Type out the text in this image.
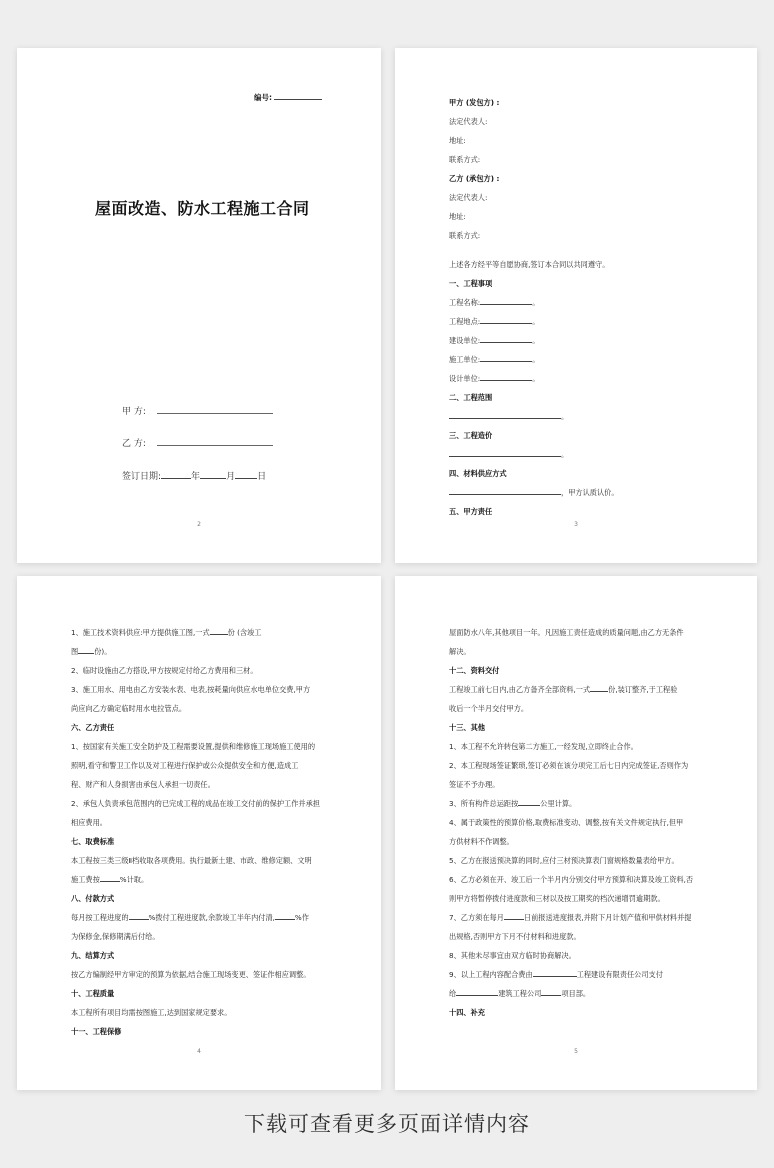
编号:
屋面改造、防水工程施工合同
甲 方:
乙 方:
签订日期:	年	月 日
2
甲方 (发包方) :
法定代表人:
地址:
联系方式:
乙方 (承包方) :
法定代表人:
地址:
联系方式:
上述各方经平等自愿协商,签订本合同以共同遵守。
一、工程事项
工程名称:	。
工程地点:	。
建设单位:	。
施工单位:	。
设计单位:	。
二、工程范围
。
三、工程造价
。
四、材料供应方式
，甲方认质认价。
五、甲方责任
3
1、施工技术资料供应:甲方提供施工图,一式	份 (含竣工
图 份)。
2、临时设施由乙方搭设,甲方按规定付给乙方费用和三材。
3、施工用水、用电由乙方安装水表、电表,按耗量向供应水电单位交费,甲方
尚应向乙方确定临时用水电拉管点。
六、乙方责任
1、按国家有关施工安全防护及工程需要设置,提供和维修施工现场施工使用的
照明,看守和警卫工作以及对工程进行保护或公众提供安全和方便,造成工
程、财产和人身损害由承包人承担一切责任。
2、承包人负责承包范围内的已完成工程的成品在竣工交付前的保护工作并承担
相应费用。
七、取费标准
本工程按三类三级Ⅱ档收取各项费用。执行最新土建、市政、维修定额、文明
施工费按	%计取。
八、付款方式
每月按工程进度的	%拨付工程进度款,余款竣工半年内付清,	%作
为保修金,保修期满后付给。
九、结算方式
按乙方编制经甲方审定的预算为依据,结合施工现场变更、签证作相应调整。
十、工程质量
本工程所有项目均需按图施工,达到国家规定要求。
十一、工程保修
4
屋面防水八年,其他项目一年。凡因施工责任造成的质量问题,由乙方无条件
解决。
十二、资料交付
工程竣工前七日内,由乙方备齐全部资料,一式	份,装订整齐,于工程验
收后一个半月交付甲方。
十三、其他
1、本工程不允许转包第二方施工,一经发现,立即终止合作。
2、本工程现场签证繁琐,签订必须在该分项完工后七日内完成签证,否则作为
签证不予办理。
3、所有构件总运距按	公里计算。
4、属于政策性的预算价格,取费标准变动、调整,按有关文件规定执行,但甲
方供材料不作调整。
5、乙方在报送预决算的同时,应付三材预决算表门窗规格数量表给甲方。
6、乙方必须在开、竣工后一个半月内分别交付甲方预算和决算及竣工资料,否
则甲方将暂停拨付进度款和三材以及按工期奖的档次递增罚逾期款。
7、乙方须在每月	日前报送进度报表,并附下月计划产值和甲供材料并提
出规格,否则甲方下月不付材料和进度款。
8、其他未尽事宜由双方临时协商解决。
9、以上工程内容配合费由	工程建设有限责任公司支付
给	建筑工程公司	项目部。
十四、补充
5
下载可查看更多页面详情内容
